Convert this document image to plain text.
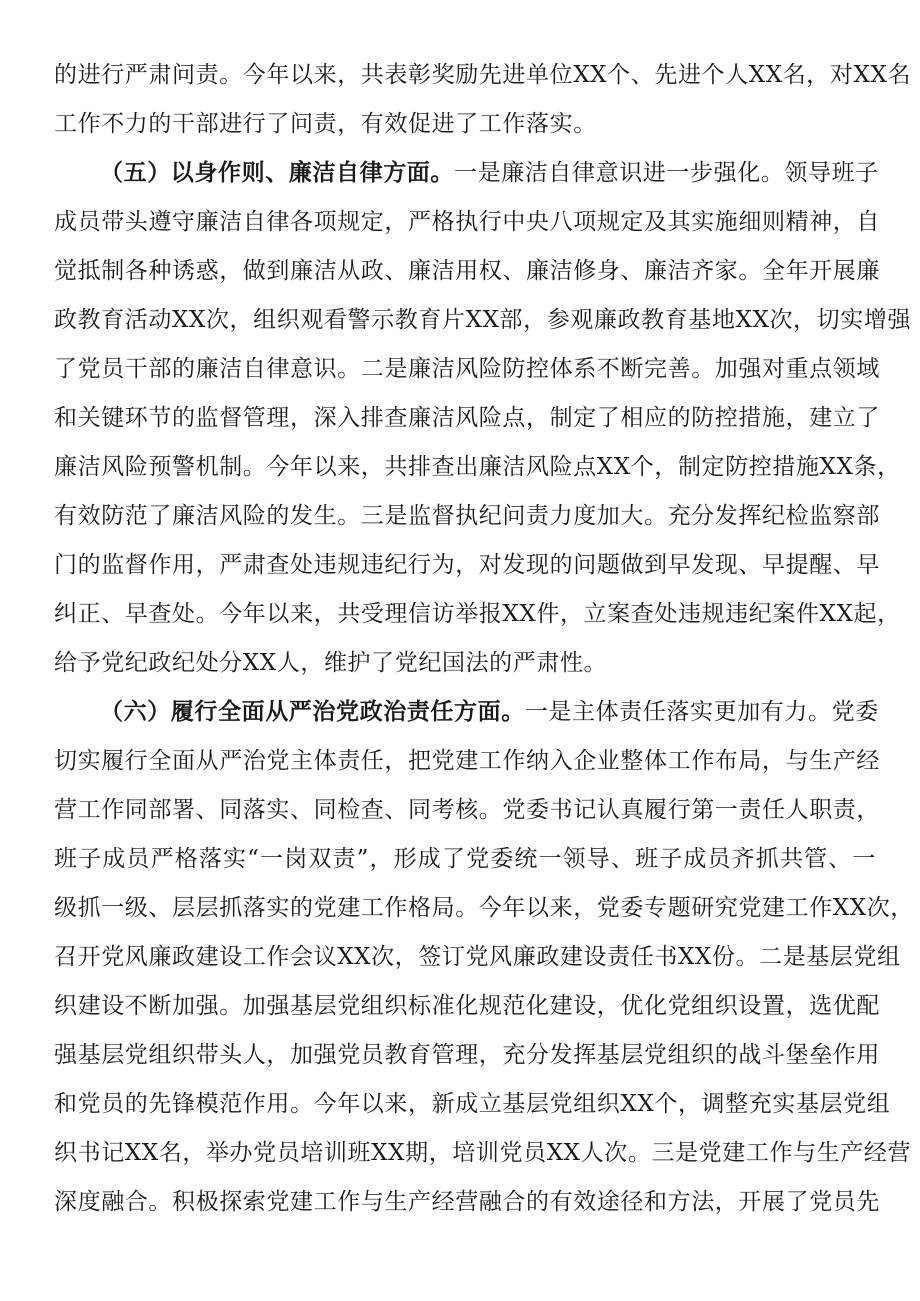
的进行严肃问责。今年以来，共表彰奖励先进单位XX个、先进个人XX名，对XX名
工作不力的干部进行了问责，有效促进了工作落实。
（五）以身作则、廉洁自律方面。一是廉洁自律意识进一步强化。领导班子
成员带头遵守廉洁自律各项规定，严格执行中央八项规定及其实施细则精神，自
觉抵制各种诱惑，做到廉洁从政、廉洁用权、廉洁修身、廉洁齐家。全年开展廉
政教育活动XX次，组织观看警示教育片XX部，参观廉政教育基地XX次，切实增强
了党员干部的廉洁自律意识。二是廉洁风险防控体系不断完善。加强对重点领域
和关键环节的监督管理，深入排查廉洁风险点，制定了相应的防控措施，建立了
廉洁风险预警机制。今年以来，共排查出廉洁风险点XX个，制定防控措施XX条，
有效防范了廉洁风险的发生。三是监督执纪问责力度加大。充分发挥纪检监察部
门的监督作用，严肃查处违规违纪行为，对发现的问题做到早发现、早提醒、早
纠正、早查处。今年以来，共受理信访举报XX件，立案查处违规违纪案件XX起，
给予党纪政纪处分XX人，维护了党纪国法的严肃性。
（六）履行全面从严治党政治责任方面。一是主体责任落实更加有力。党委
切实履行全面从严治党主体责任，把党建工作纳入企业整体工作布局，与生产经
营工作同部署、同落实、同检查、同考核。党委书记认真履行第一责任人职责，
班子成员严格落实“一岗双责”，形成了党委统一领导、班子成员齐抓共管、一
级抓一级、层层抓落实的党建工作格局。今年以来，党委专题研究党建工作XX次，
召开党风廉政建设工作会议XX次，签订党风廉政建设责任书XX份。二是基层党组
织建设不断加强。加强基层党组织标准化规范化建设，优化党组织设置，选优配
强基层党组织带头人，加强党员教育管理，充分发挥基层党组织的战斗堡垒作用
和党员的先锋模范作用。今年以来，新成立基层党组织XX个，调整充实基层党组
织书记XX名，举办党员培训班XX期，培训党员XX人次。三是党建工作与生产经营
深度融合。积极探索党建工作与生产经营融合的有效途径和方法，开展了党员先
